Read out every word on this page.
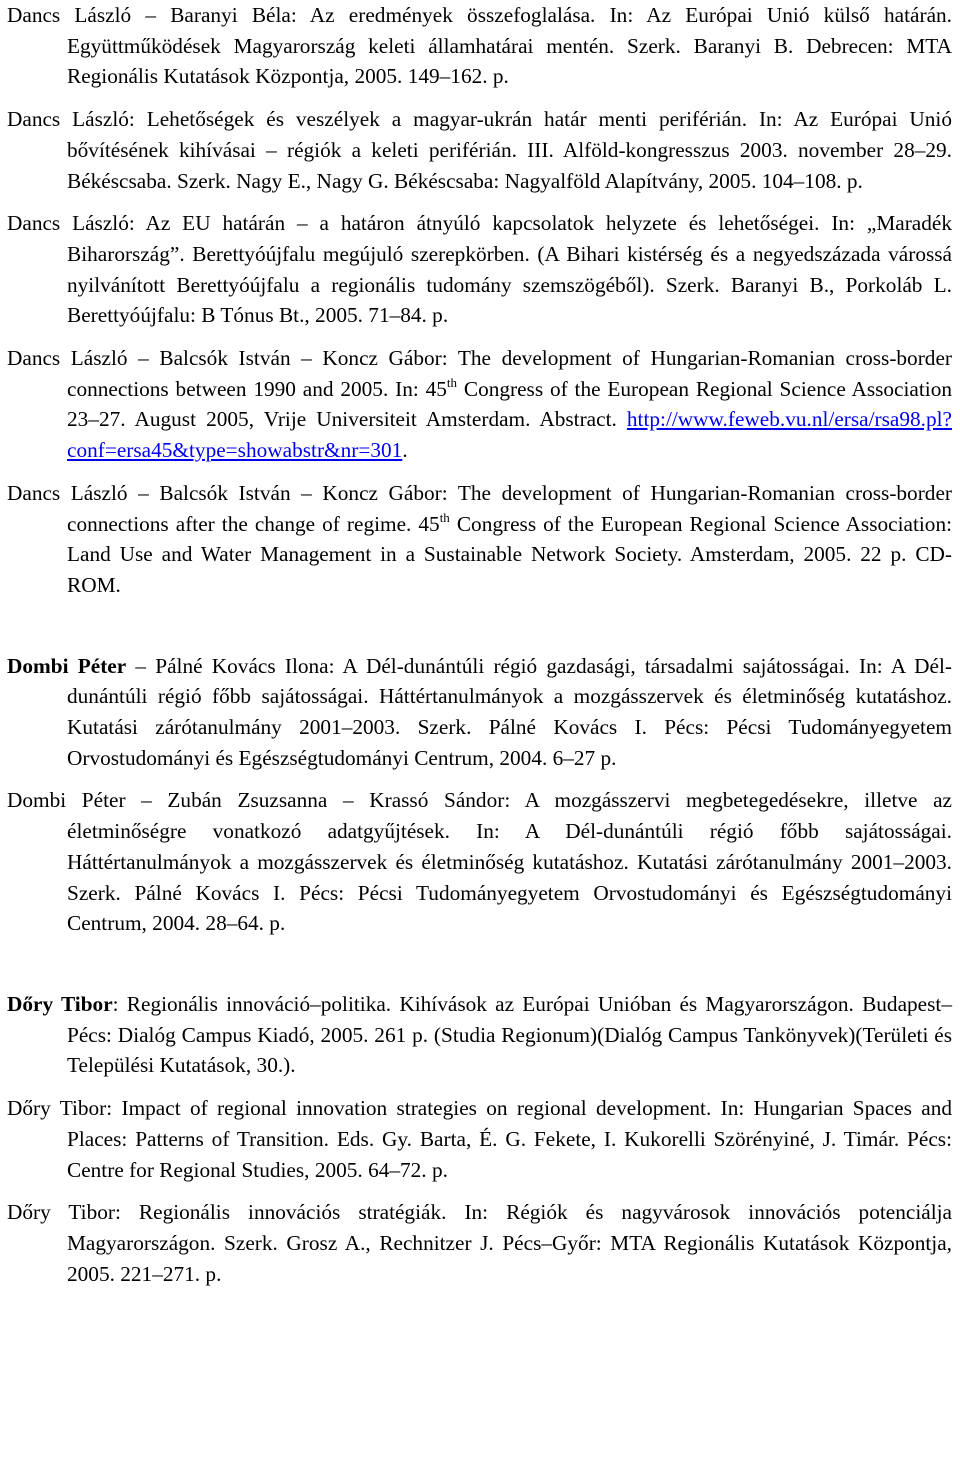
Dancs László – Baranyi Béla: Az eredmények összefoglalása. In: Az Európai Unió külső határán. Együttműködések Magyarország keleti államhatárai mentén. Szerk. Baranyi B. Debrecen: MTA Regionális Kutatások Központja, 2005. 149–162. p.

Dancs László: Lehetőségek és veszélyek a magyar-ukrán határ menti periférián. In: Az Európai Unió bővítésének kihívásai – régiók a keleti periférián. III. Alföld-kongresszus 2003. november 28–29. Békéscsaba. Szerk. Nagy E., Nagy G. Békéscsaba: Nagyalföld Alapítvány, 2005. 104–108. p.

Dancs László: Az EU határán – a határon átnyúló kapcsolatok helyzete és lehetőségei. In: „Maradék Biharország”. Berettyóújfalu megújuló szerepkörben. (A Bihari kistérség és a negyedszázada várossá nyilvánított Berettyóújfalu a regionális tudomány szemszögéből). Szerk. Baranyi B., Porkoláb L. Berettyóújfalu: B Tónus Bt., 2005. 71–84. p.

Dancs László – Balcsók István – Koncz Gábor: The development of Hungarian-Romanian cross-border connections between 1990 and 2005. In: 45th Congress of the European Regional Science Association 23–27. August 2005, Vrije Universiteit Amsterdam. Abstract. http://www.feweb.vu.nl/ersa/rsa98.pl?conf=ersa45&type=showabstr&nr=301.

Dancs László – Balcsók István – Koncz Gábor: The development of Hungarian-Romanian cross-border connections after the change of regime. 45th Congress of the European Regional Science Association: Land Use and Water Management in a Sustainable Network Society. Amsterdam, 2005. 22 p. CD-ROM.

Dombi Péter – Pálné Kovács Ilona: A Dél-dunántúli régió gazdasági, társadalmi sajátosságai. In: A Dél-dunántúli régió főbb sajátosságai. Háttértanulmányok a mozgásszervek és életminőség kutatáshoz. Kutatási zárótanulmány 2001–2003. Szerk. Pálné Kovács I. Pécs: Pécsi Tudományegyetem Orvostudományi és Egészségtudományi Centrum, 2004. 6–27 p.

Dombi Péter – Zubán Zsuzsanna – Krassó Sándor: A mozgásszervi megbetegedésekre, illetve az életminőségre vonatkozó adatgyűjtések. In: A Dél-dunántúli régió főbb sajátosságai. Háttértanulmányok a mozgásszervek és életminőség kutatáshoz. Kutatási zárótanulmány 2001–2003. Szerk. Pálné Kovács I. Pécs: Pécsi Tudományegyetem Orvostudományi és Egészségtudományi Centrum, 2004. 28–64. p.

Dőry Tibor: Regionális innováció–politika. Kihívások az Európai Unióban és Magyarországon. Budapest–Pécs: Dialóg Campus Kiadó, 2005. 261 p. (Studia Regionum)(Dialóg Campus Tankönyvek)(Területi és Települési Kutatások, 30.).

Dőry Tibor: Impact of regional innovation strategies on regional development. In: Hungarian Spaces and Places: Patterns of Transition. Eds. Gy. Barta, É. G. Fekete, I. Kukorelli Szörényiné, J. Timár. Pécs: Centre for Regional Studies, 2005. 64–72. p.

Dőry Tibor: Regionális innovációs stratégiák. In: Régiók és nagyvárosok innovációs potenciálja Magyarországon. Szerk. Grosz A., Rechnitzer J. Pécs–Győr: MTA Regionális Kutatások Központja, 2005. 221–271. p.
